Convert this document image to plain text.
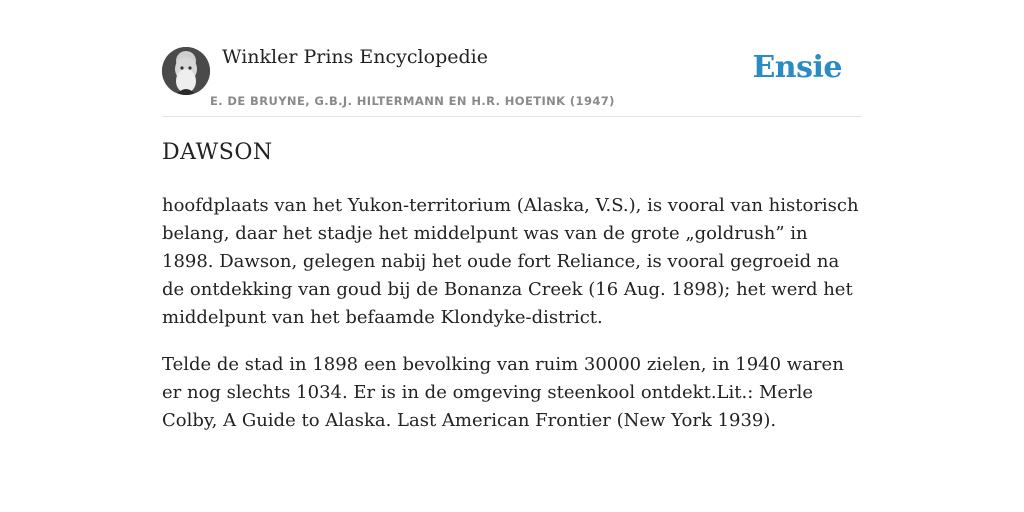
Winkler Prins Encyclopedie
E. DE BRUYNE, G.B.J. HILTERMANN EN H.R. HOETINK (1947)
Ensie
DAWSON

hoofdplaats van het Yukon-territorium (Alaska, V.S.), is vooral van historisch belang, daar het stadje het middelpunt was van de grote „goldrush” in 1898. Dawson, gelegen nabij het oude fort Reliance, is vooral gegroeid na de ontdekking van goud bij de Bonanza Creek (16 Aug. 1898); het werd het middelpunt van het befaamde Klondyke-district.

Telde de stad in 1898 een bevolking van ruim 30000 zielen, in 1940 waren er nog slechts 1034. Er is in de omgeving steenkool ontdekt.Lit.: Merle Colby, A Guide to Alaska. Last American Frontier (New York 1939).
